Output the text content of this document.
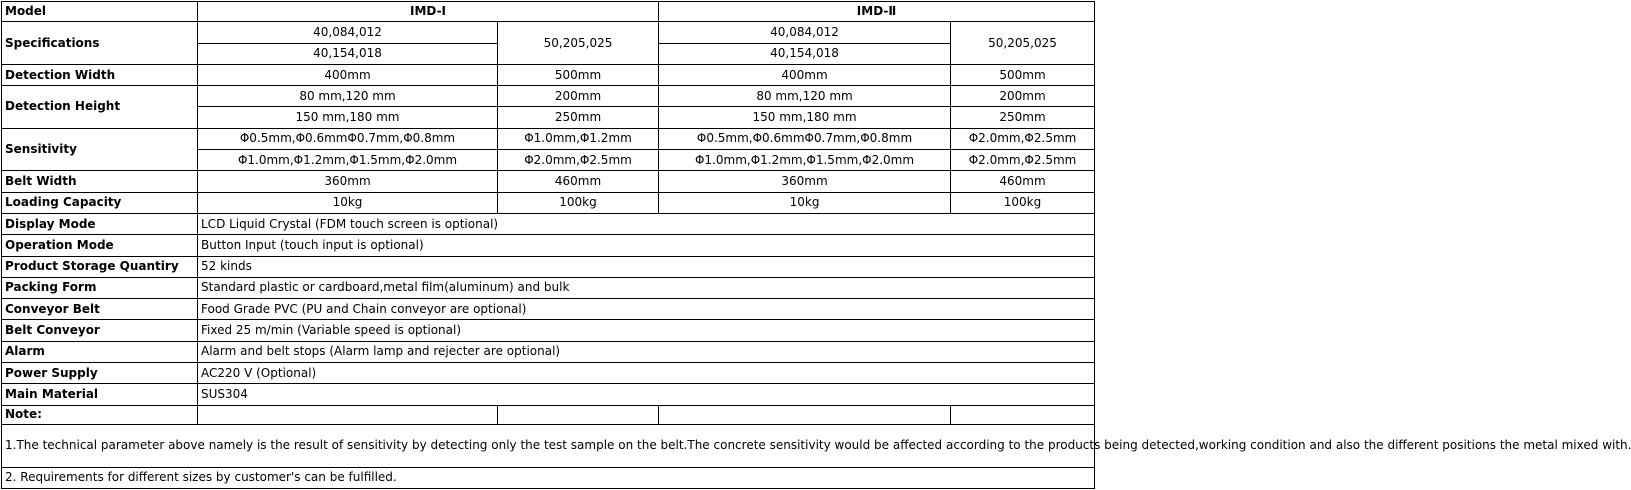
Model	IMD-Ⅰ		IMD-Ⅱ	
Specifications	40,084,012	50,205,025	40,084,012	50,205,025
	40,154,018		40,154,018	
Detection Width	400mm	500mm	400mm	500mm
Detection Height	80 mm,120 mm	200mm	80 mm,120 mm	200mm
	150 mm,180 mm	250mm	150 mm,180 mm	250mm
Sensitivity	Φ0.5mm,Φ0.6mmΦ0.7mm,Φ0.8mm	Φ1.0mm,Φ1.2mm	Φ0.5mm,Φ0.6mmΦ0.7mm,Φ0.8mm	Φ2.0mm,Φ2.5mm
	Φ1.0mm,Φ1.2mm,Φ1.5mm,Φ2.0mm	Φ2.0mm,Φ2.5mm	Φ1.0mm,Φ1.2mm,Φ1.5mm,Φ2.0mm	Φ2.0mm,Φ2.5mm
Belt Width	360mm	460mm	360mm	460mm
Loading Capacity	10kg	100kg	10kg	100kg
Display Mode	LCD Liquid Crystal (FDM touch screen is optional)			
Operation Mode	Button Input (touch input is optional)			
Product Storage Quantiry	52 kinds			
Packing Form	Standard plastic or cardboard,metal film(aluminum) and bulk			
Conveyor Belt	Food Grade PVC (PU and Chain conveyor are optional)			
Belt Conveyor	Fixed 25 m/min (Variable speed is optional)			
Alarm	Alarm and belt stops (Alarm lamp and rejecter are optional)			
Power Supply	AC220 V (Optional)			
Main Material	SUS304			
Note:				
1.The technical parameter above namely is the result of sensitivity by detecting only the test sample on the belt.The concrete sensitivity would be affected according to the products being detected,working condition and also the different positions the metal mixed with.				
2. Requirements for different sizes by customer's can be fulfilled.				
